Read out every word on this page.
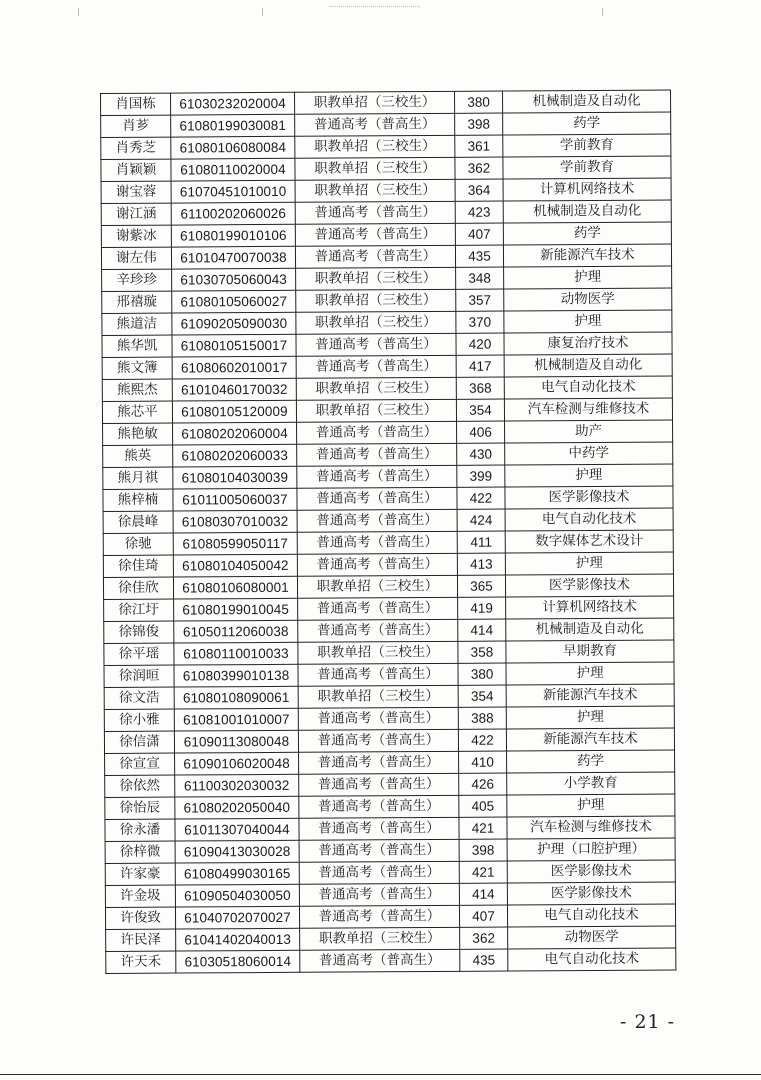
肖国栋	61030232020004	职教单招（三校生）	380	机械制造及自动化
肖芗	61080199030081	普通高考（普高生）	398	药学
肖秀芝	61080106080084	职教单招（三校生）	361	学前教育
肖颖颖	61080110020004	职教单招（三校生）	362	学前教育
谢宝蓉	61070451010010	职教单招（三校生）	364	计算机网络技术
谢江涵	61100202060026	普通高考（普高生）	423	机械制造及自动化
谢紫冰	61080199010106	普通高考（普高生）	407	药学
谢左伟	61010470070038	普通高考（普高生）	435	新能源汽车技术
辛珍珍	61030705060043	职教单招（三校生）	348	护理
邢禧璇	61080105060027	职教单招（三校生）	357	动物医学
熊道洁	61090205090030	职教单招（三校生）	370	护理
熊华凯	61080105150017	普通高考（普高生）	420	康复治疗技术
熊文簿	61080602010017	普通高考（普高生）	417	机械制造及自动化
熊熙杰	61010460170032	职教单招（三校生）	368	电气自动化技术
熊芯平	61080105120009	职教单招（三校生）	354	汽车检测与维修技术
熊艳敏	61080202060004	普通高考（普高生）	406	助产
熊英	61080202060033	普通高考（普高生）	430	中药学
熊月祺	61080104030039	普通高考（普高生）	399	护理
熊梓楠	61011005060037	普通高考（普高生）	422	医学影像技术
徐晨峰	61080307010032	普通高考（普高生）	424	电气自动化技术
徐驰	61080599050117	普通高考（普高生）	411	数字媒体艺术设计
徐佳琦	61080104050042	普通高考（普高生）	413	护理
徐佳欣	61080106080001	职教单招（三校生）	365	医学影像技术
徐江圩	61080199010045	普通高考（普高生）	419	计算机网络技术
徐锦俊	61050112060038	普通高考（普高生）	414	机械制造及自动化
徐平瑶	61080110010033	职教单招（三校生）	358	早期教育
徐润晅	61080399010138	普通高考（普高生）	380	护理
徐文浩	61080108090061	职教单招（三校生）	354	新能源汽车技术
徐小雅	61081001010007	普通高考（普高生）	388	护理
徐信潇	61090113080048	普通高考（普高生）	422	新能源汽车技术
徐宣宣	61090106020048	普通高考（普高生）	410	药学
徐依然	61100302030032	普通高考（普高生）	426	小学教育
徐怡辰	61080202050040	普通高考（普高生）	405	护理
徐永潘	61011307040044	普通高考（普高生）	421	汽车检测与维修技术
徐梓微	61090413030028	普通高考（普高生）	398	护理（口腔护理）
许家豪	61080499030165	普通高考（普高生）	421	医学影像技术
许金圾	61090504030050	普通高考（普高生）	414	医学影像技术
许俊致	61040702070027	普通高考（普高生）	407	电气自动化技术
许民泽	61041402040013	职教单招（三校生）	362	动物医学
许天禾	61030518060014	普通高考（普高生）	435	电气自动化技术
- 21 -
